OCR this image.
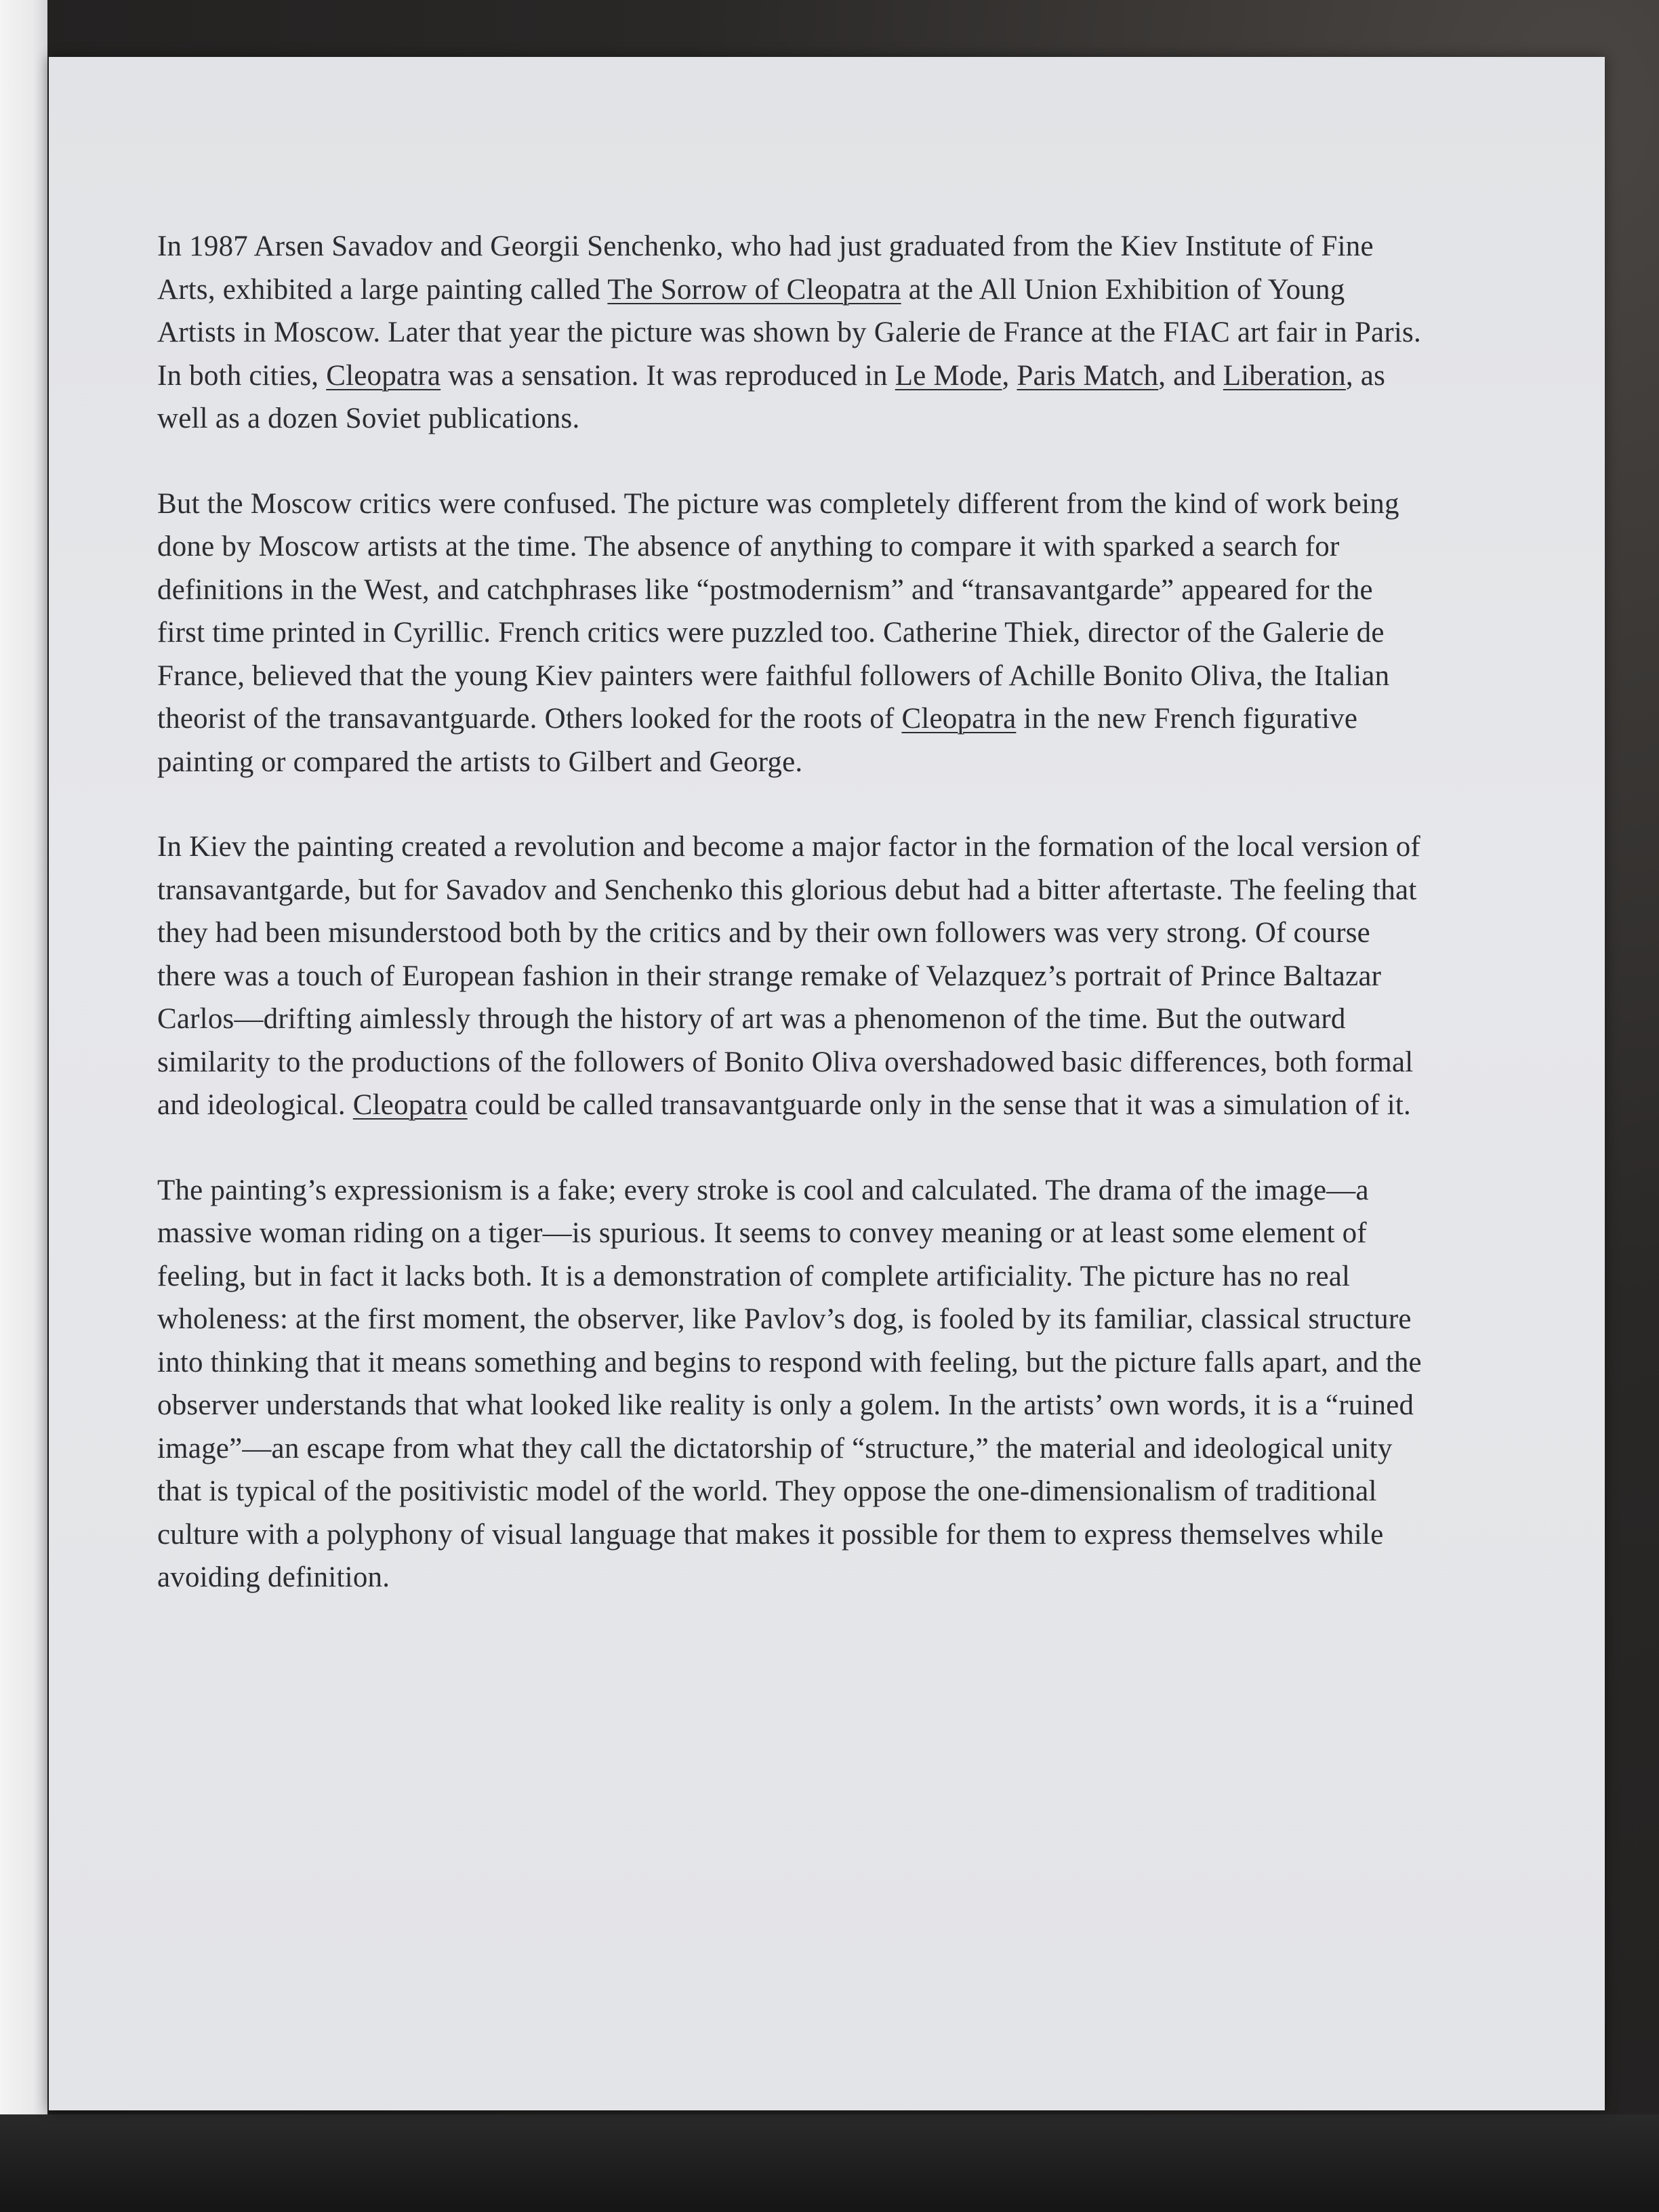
In 1987 Arsen Savadov and Georgii Senchenko, who had just graduated from the Kiev Institute of Fine Arts, exhibited a large painting called The Sorrow of Cleopatra at the All Union Exhibition of Young Artists in Moscow. Later that year the picture was shown by Galerie de France at the FIAC art fair in Paris. In both cities, Cleopatra was a sensation. It was reproduced in Le Mode, Paris Match, and Liberation, as well as a dozen Soviet publications.

But the Moscow critics were confused. The picture was completely different from the kind of work being done by Moscow artists at the time. The absence of anything to compare it with sparked a search for definitions in the West, and catchphrases like “postmodernism” and “transavantgarde” appeared for the first time printed in Cyrillic. French critics were puzzled too. Catherine Thiek, director of the Galerie de France, believed that the young Kiev painters were faithful followers of Achille Bonito Oliva, the Italian theorist of the transavantguarde. Others looked for the roots of Cleopatra in the new French figurative painting or compared the artists to Gilbert and George.

In Kiev the painting created a revolution and become a major factor in the formation of the local version of transavantgarde, but for Savadov and Senchenko this glorious debut had a bitter aftertaste. The feeling that they had been misunderstood both by the critics and by their own followers was very strong. Of course there was a touch of European fashion in their strange remake of Velazquez’s portrait of Prince Baltazar Carlos—drifting aimlessly through the history of art was a phenomenon of the time. But the outward similarity to the productions of the followers of Bonito Oliva overshadowed basic differences, both formal and ideological. Cleopatra could be called transavantguarde only in the sense that it was a simulation of it.

The painting’s expressionism is a fake; every stroke is cool and calculated. The drama of the image—a massive woman riding on a tiger—is spurious. It seems to convey meaning or at least some element of feeling, but in fact it lacks both. It is a demonstration of complete artificiality. The picture has no real wholeness: at the first moment, the observer, like Pavlov’s dog, is fooled by its familiar, classical structure into thinking that it means something and begins to respond with feeling, but the picture falls apart, and the observer understands that what looked like reality is only a golem. In the artists’ own words, it is a “ruined image”—an escape from what they call the dictatorship of “structure,” the material and ideological unity that is typical of the positivistic model of the world. They oppose the one-dimensionalism of traditional culture with a polyphony of visual language that makes it possible for them to express themselves while avoiding definition.
